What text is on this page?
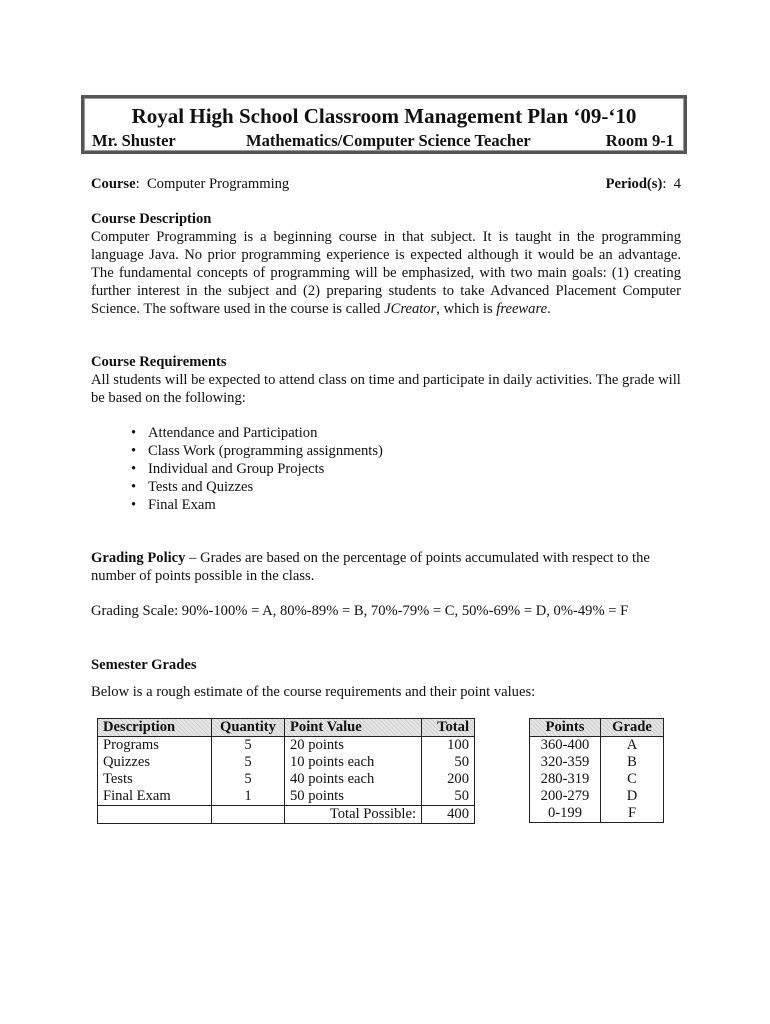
Royal High School Classroom Management Plan ‘09-‘10
Mr. Shuster	Mathematics/Computer Science Teacher	Room 9-1
Course:  Computer Programming	Period(s):  4
Course Description

Computer Programming is a beginning course in that subject. It is taught in the programming language Java. No prior programming experience is expected although it would be an advantage. The fundamental concepts of programming will be emphasized, with two main goals: (1) creating further interest in the subject and (2) preparing students to take Advanced Placement Computer Science. The software used in the course is called JCreator, which is freeware.

Course Requirements
All students will be expected to attend class on time and participate in daily activities. The grade will be based on the following:
• Attendance and Participation
• Class Work (programming assignments)
• Individual and Group Projects
• Tests and Quizzes
• Final Exam
Grading Policy – Grades are based on the percentage of points accumulated with respect to the number of points possible in the class.
Grading Scale: 90%-100% = A, 80%-89% = B, 70%-79% = C, 50%-69% = D, 0%-49% = F
Semester Grades
Below is a rough estimate of the course requirements and their point values:
Description	Quantity	Point Value	Total
Programs	5	20 points	100
Quizzes	5	10 points each	50
Tests	5	40 points each	200
Final Exam	1	50 points	50
		Total Possible:	400
Points	Grade
360-400	A
320-359	B
280-319	C
200-279	D
0-199	F
